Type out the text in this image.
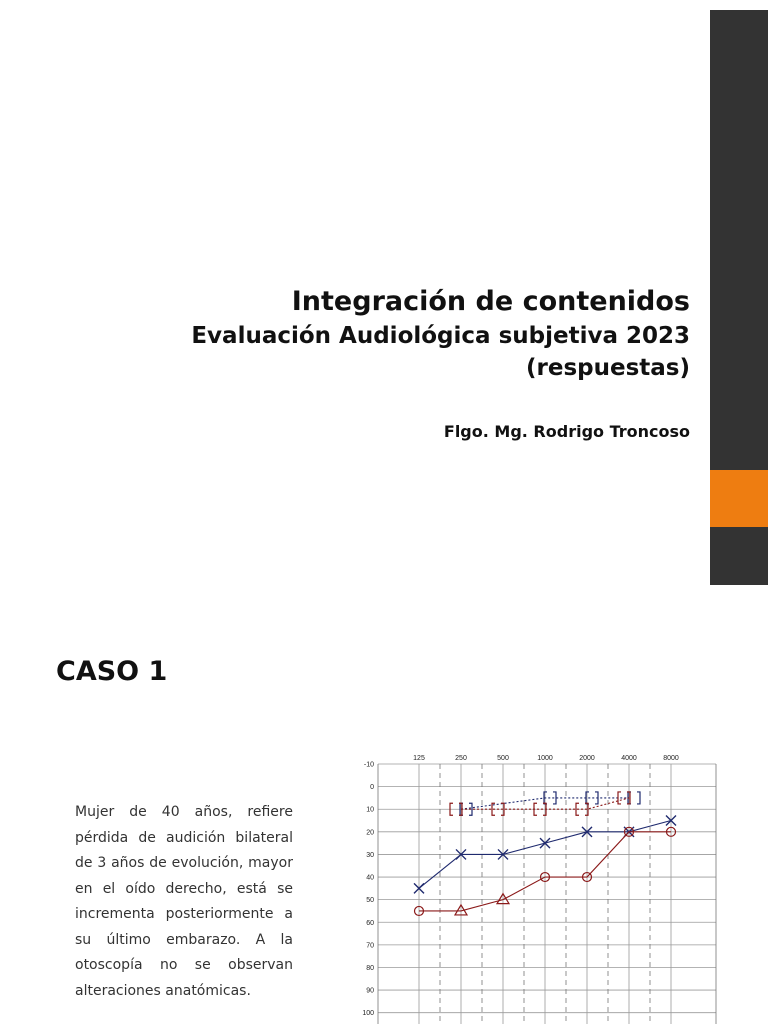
Integración de contenidos
Evaluación Audiológica subjetiva 2023
(respuestas)
Flgo. Mg. Rodrigo Troncoso
CASO 1
Mujer de 40 años, refiere pérdida de audición bilateral de 3 años de evolución, mayor en el oído derecho, está se incrementa posteriormente a su último embarazo. A la otoscopía no se observan alteraciones anatómicas.
-10
0
10
20
30
40
50
60
70
80
90
100
125	250	500	1000	2000	4000	8000
